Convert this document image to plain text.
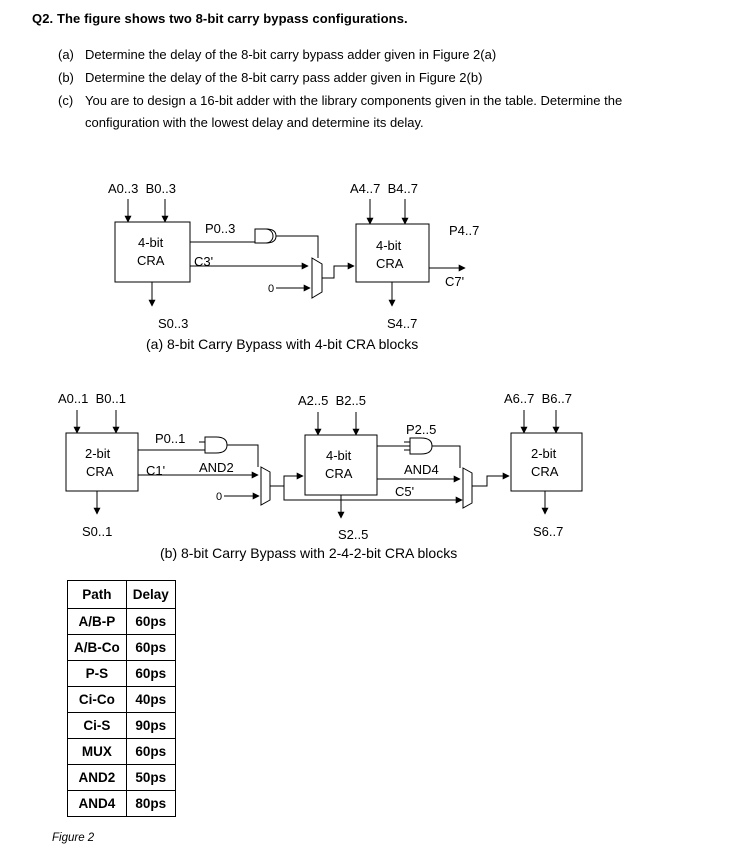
Q2. The figure shows two 8-bit carry bypass configurations.
(a) Determine the delay of the 8-bit carry bypass adder given in Figure 2(a)
(b) Determine the delay of the 8-bit carry pass adder given in Figure 2(b)
(c) You are to design a 16-bit adder with the library components given in the table. Determine the
configuration with the lowest delay and determine its delay.
A0..3  B0..3	A4..7  B4..7
4-bit
CRA
4-bit
CRA
P0..3
C3'
0
P4..7
C7'
S0..3	S4..7
(a) 8-bit Carry Bypass with 4-bit CRA blocks
A0..1  B0..1	A2..5  B2..5	A6..7  B6..7
2-bit
CRA
4-bit
CRA
2-bit
CRA
P0..1
AND2
C1'
0
P2..5
AND4
C5'
S0..1	S2..5	S6..7
(b) 8-bit Carry Bypass with 2-4-2-bit CRA blocks
Path	Delay
A/B-P	60ps
A/B-Co	60ps
P-S	60ps
Ci-Co	40ps
Ci-S	90ps
MUX	60ps
AND2	50ps
AND4	80ps
Figure 2
